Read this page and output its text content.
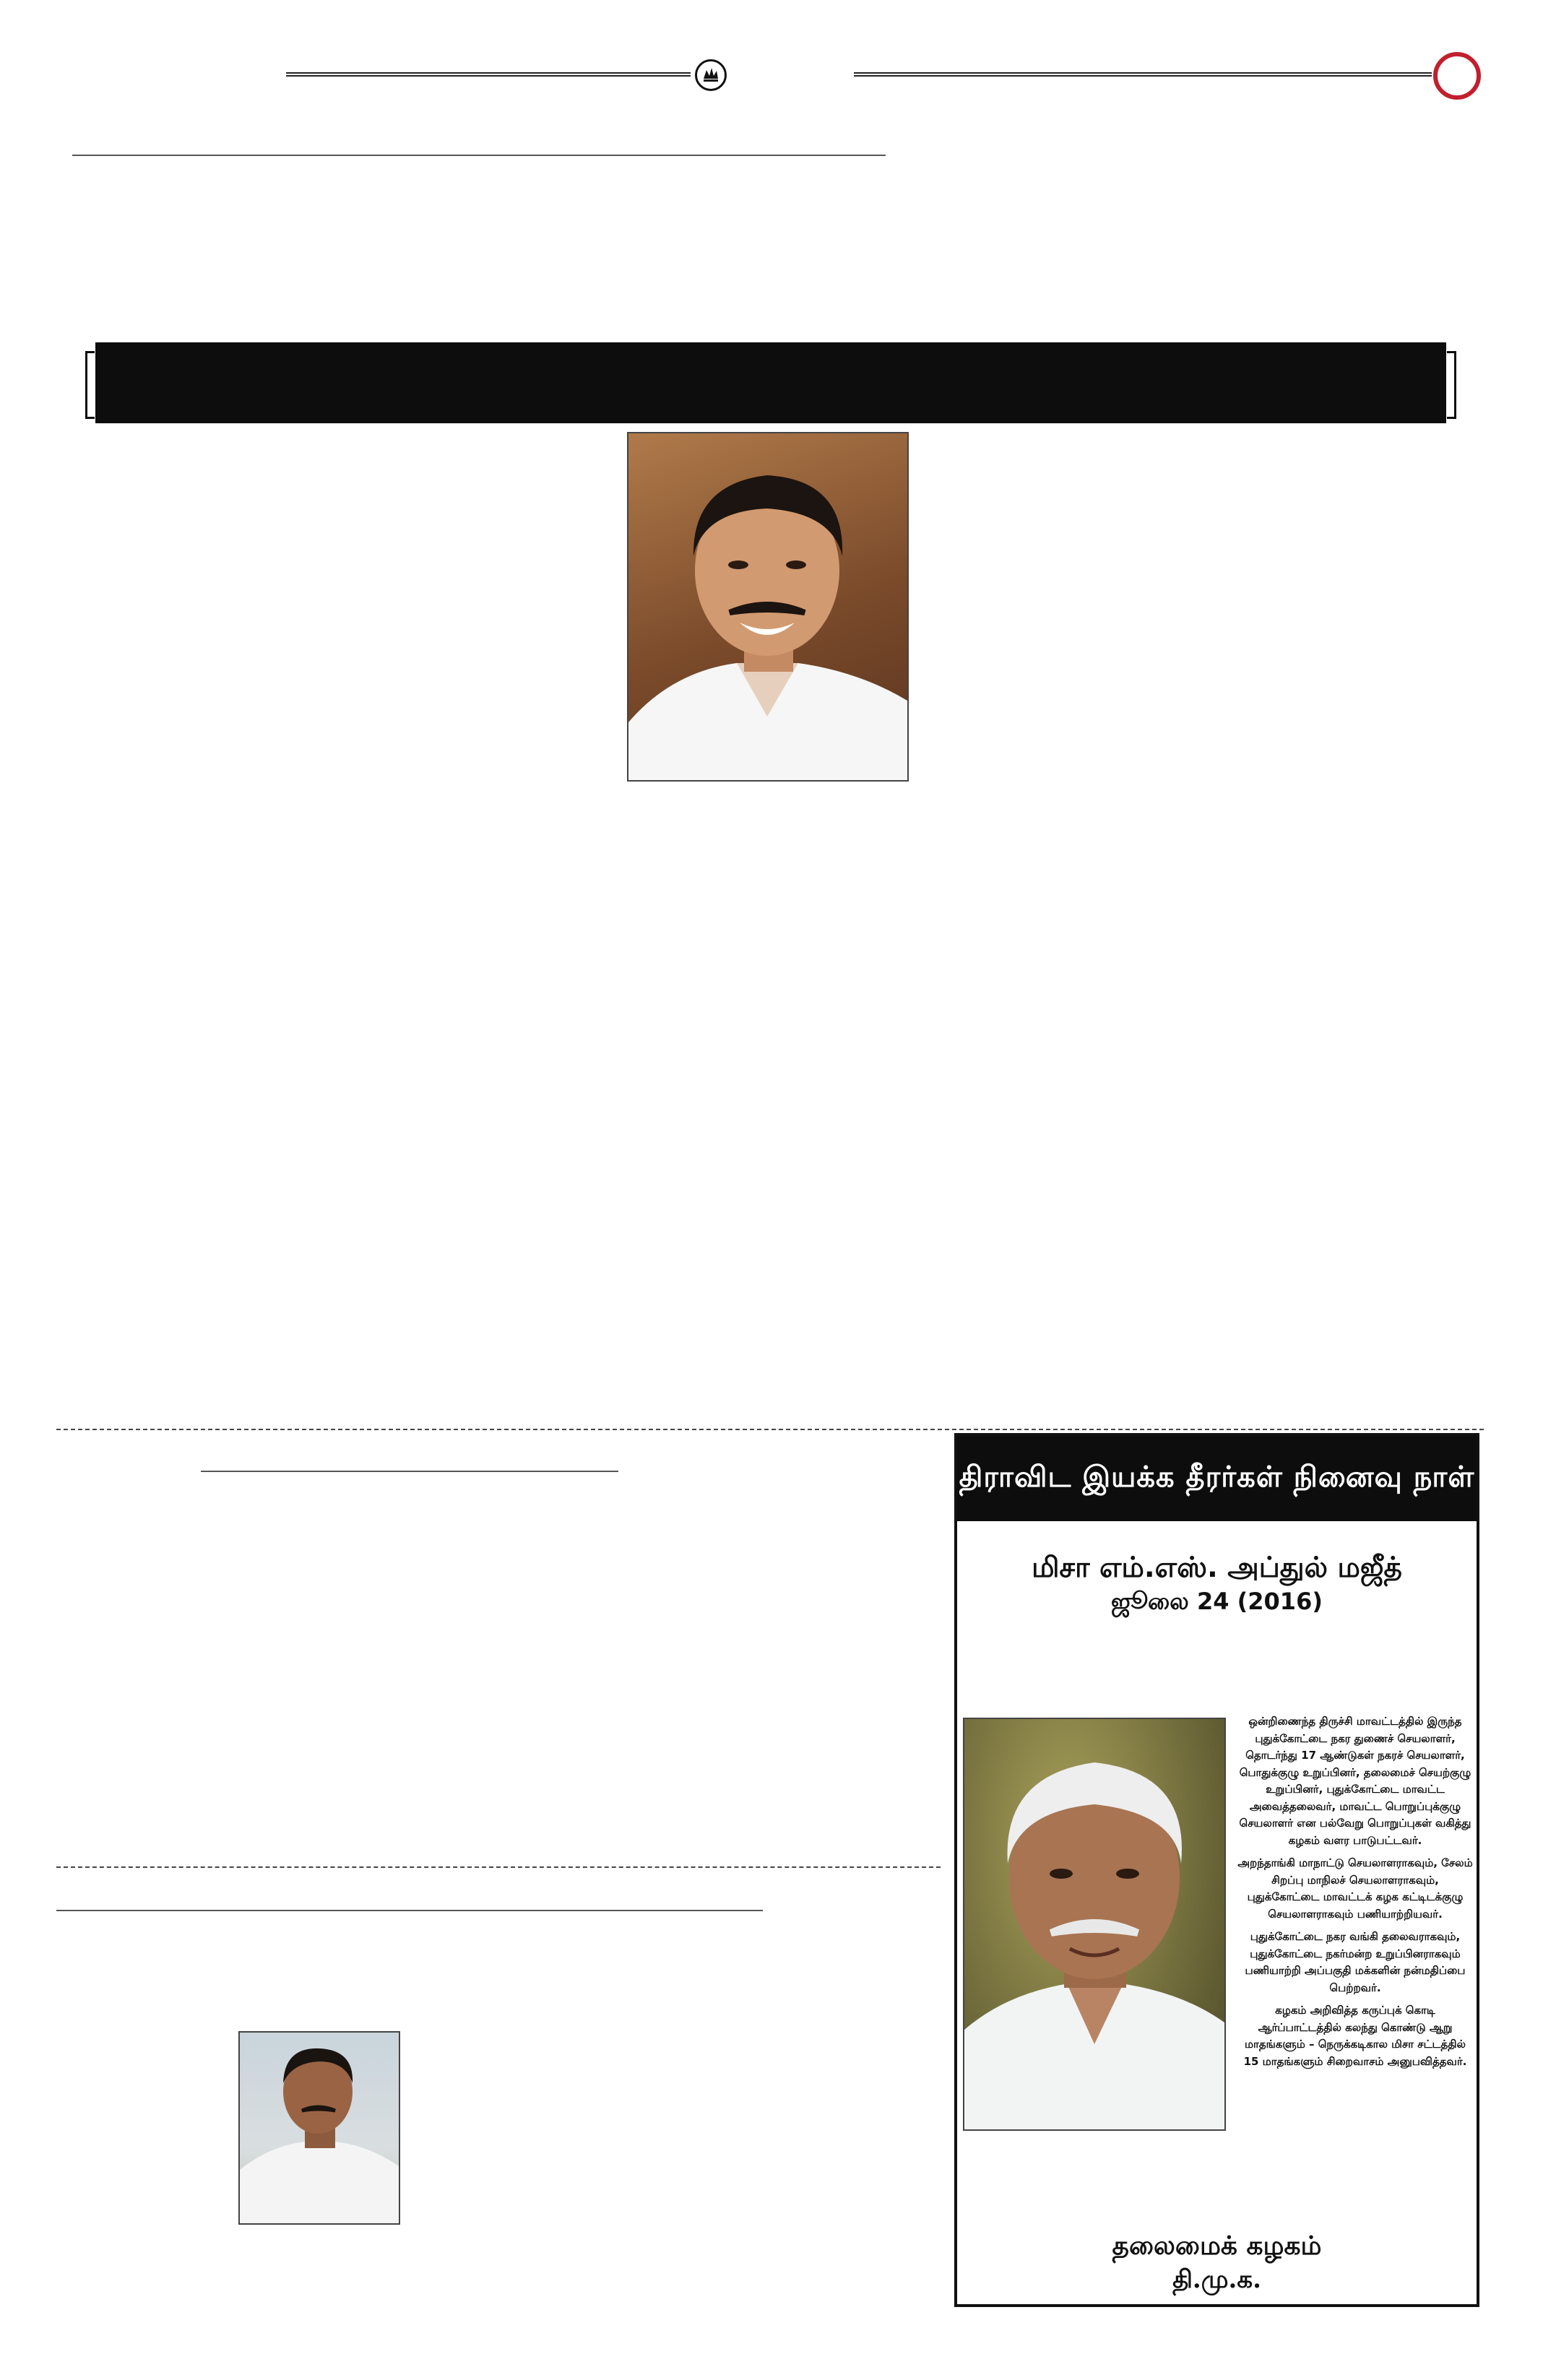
திராவிட இயக்க தீரர்கள் நினைவு நாள்
மிசா எம்.எஸ். அப்துல் மஜீத்
ஜூலை 24 (2016)

ஒன்றிணைந்த திருச்சி மாவட்டத்தில் இருந்த புதுக்கோட்டை நகர துணைச் செயலாளர், தொடர்ந்து 17 ஆண்டுகள் நகரச் செயலாளர், பொதுக்குழு உறுப்பினர், தலைமைச் செயற்குழு உறுப்பினர், புதுக்கோட்டை மாவட்ட அவைத்தலைவர், மாவட்ட பொறுப்புக்குழு செயலாளர் என பல்வேறு பொறுப்புகள் வகித்து கழகம் வளர பாடுபட்டவர்.

அறந்தாங்கி மாநாட்டு செயலாளராகவும், சேலம் சிறப்பு மாநிலச் செயலாளராகவும், புதுக்கோட்டை மாவட்டக் கழக கட்டிடக்குழு செயலாளராகவும் பணியாற்றியவர்.

புதுக்கோட்டை நகர வங்கி தலைவராகவும், புதுக்கோட்டை நகர்மன்ற உறுப்பினராகவும் பணியாற்றி அப்பகுதி மக்களின் நன்மதிப்பை பெற்றவர்.

கழகம் அறிவித்த கருப்புக் கொடி ஆர்ப்பாட்டத்தில் கலந்து கொண்டு ஆறு மாதங்களும் – நெருக்கடிகால மிசா சட்டத்தில் 15 மாதங்களும் சிறைவாசம் அனுபவித்தவர்.

தலைமைக் கழகம்
தி.மு.க.
